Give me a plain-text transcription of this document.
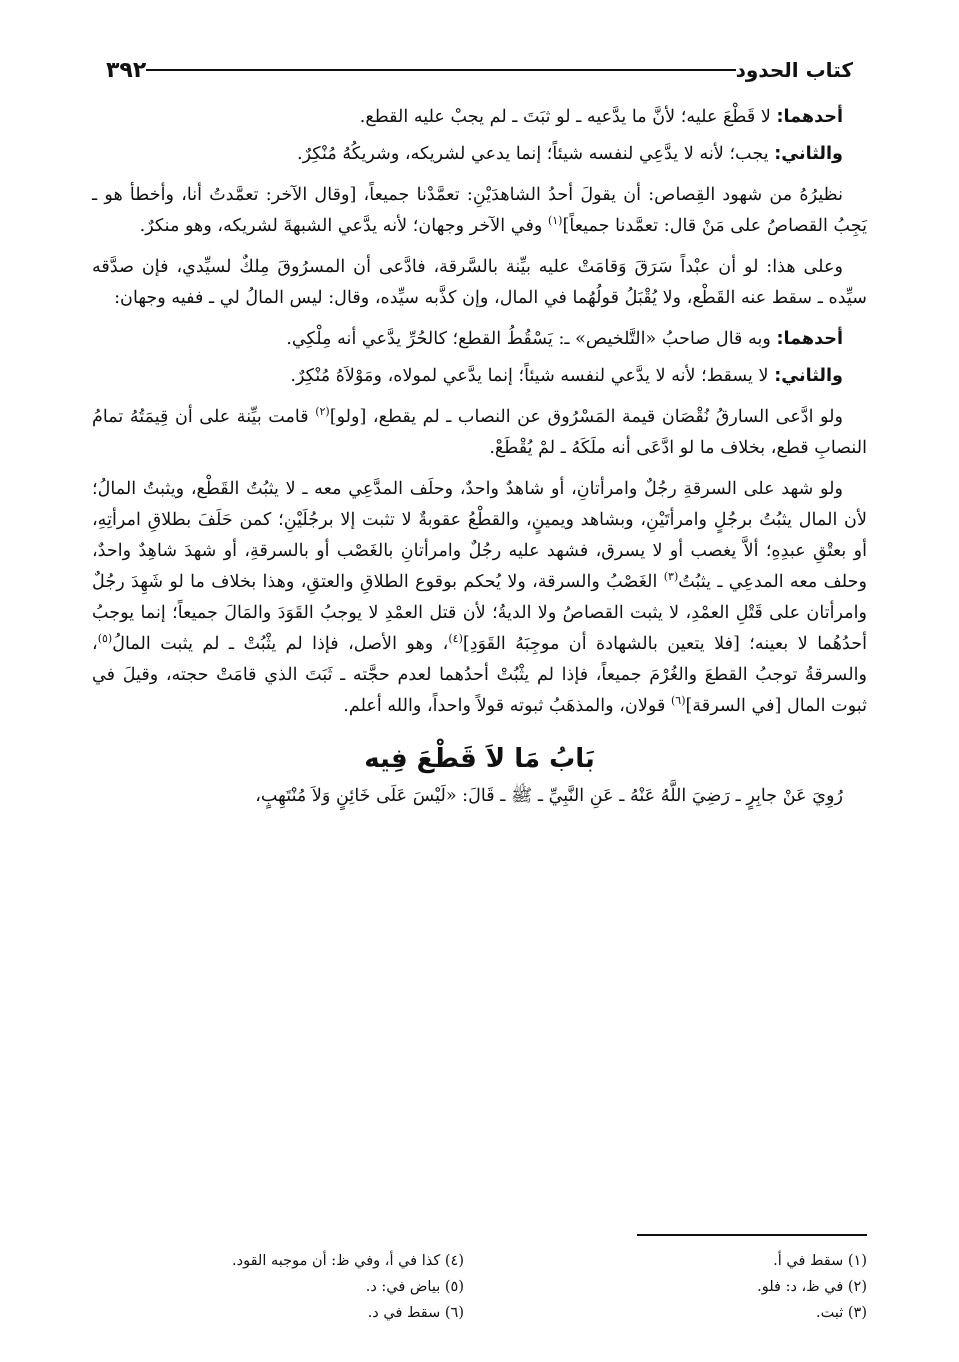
كتاب الحدود
٣٩٢

أحدهما: لا قَطْعَ عليه؛ لأنَّ ما يدَّعيه ـ لو ثبَتَ ـ لم يجبْ عليه القطع.

والثاني: يجب؛ لأنه لا يدَّعِي لنفسه شيئاً؛ إنما يدعي لشريكه، وشريكُهُ مُنْكِرٌ.

نظيرُهُ من شهود القِصاص: أن يقولَ أحدُ الشاهدَيْنِ: تعمَّدْنا جميعاً، [وقال الآخر: تعمَّدتُ أنا، وأخطأ هو ـ يَجِبُ القصاصُ على مَنْ قال: تعمَّدنا جميعاً]$^{(١)}$ وفي الآخر وجهان؛ لأنه يدَّعي الشبهةَ لشريكه، وهو منكرٌ.

وعلى هذا: لو أن عبْداً سَرَقَ وَقامَتْ عليه بيِّنة بالسَّرقة، فادَّعى أن المسرُوقَ مِلكٌ لسيِّدي، فإن صدَّقه سيِّده ـ سقط عنه القَطْع، ولا يُقْبَلُ قولُهُما في المال، وإن كذَّبه سيِّده، وقال: ليس المالُ لي ـ ففيه وجهان:

أحدهما: وبه قال صاحبُ «التَّلخيص» ـ: يَسْقُطُ القطع؛ كالحُرِّ يدَّعي أنه مِلْكِي.

والثاني: لا يسقط؛ لأنه لا يدَّعي لنفسه شيئاً؛ إنما يدَّعي لمولاه، ومَوْلاَهُ مُنْكِرٌ.

ولو ادَّعى السارقُ نُقْصَان قيمة المَسْرُوق عن النصاب ـ لم يقطع، [ولو]$^{(٢)}$ قامت بيِّنة على أن قِيمَتُهُ تمامُ النصابِ قطع، بخلاف ما لو ادَّعَى أنه ملَكَهُ ـ لمْ يُقْطَعْ.

ولو شهد على السرقةِ رجُلٌ وامرأتانِ، أو شاهدٌ واحدٌ، وحلَف المدَّعِي معه ـ لا يثبُتُ القَطْع، ويثبتُ المالُ؛ لأن المال يثبُتُ برجُلٍ وامرأتَيْنِ، وبشاهد ويمينٍ، والقطْعُ عقوبةٌ لا تثبت إلا برجُلَيْنِ؛ كمن حَلَفَ بطلاقِ امرأتِهِ، أو بعتْقِ عبدِهِ؛ ألاَّ يغصب أو لا يسرق، فشهد عليه رجُلٌ وامرأتانِ بالغَصْب أو بالسرقةِ، أو شهدَ شاهِدٌ واحدٌ، وحلف معه المدعِي ـ يثبُتُ$^{(٣)}$ الغَصْبُ والسرقة، ولا يُحكم بوقوع الطلاقِ والعتقِ، وهذا بخلاف ما لو شَهِدَ رجُلٌ وامرأتان على قَتْلِ العمْدِ، لا يثبت القصاصُ ولا الديةُ؛ لأن قتل العمْدِ لا يوجبُ القَوَدَ والمَالَ جميعاً؛ إنما يوجبُ أحدُهُما لا بعينه؛ [فلا يتعين بالشهادة أن موجِبَهُ القَوَدِ]$^{(٤)}$، وهو الأصل، فإذا لم يثْبُتْ ـ لم يثبت المالُ$^{(٥)}$، والسرقةُ توجبُ القطعَ والغُرْمَ جميعاً، فإذا لم يثْبُتْ أحدُهما لعدم حجَّته ـ ثَبَتَ الذي قامَتْ حجته، وقيلَ في ثبوت المال [في السرقة]$^{(٦)}$ قولان، والمذهَبُ ثبوته قولاً واحداً، والله أعلم.

بَابُ مَا لاَ قَطْعَ فِيه

رُوِيَ عَنْ جابِرٍ ـ رَضِيَ اللَّهُ عَنْهُ ـ عَنِ النَّبِيِّ ـ ﷺ ـ قَالَ: «لَيْسَ عَلَى خَائِنٍ وَلاَ مُنْتَهِبٍ،

(١) سقط في أ.
(٢) في ظ، د: فلو.
(٣) ثبت.
(٤) كذا في أ، وفي ظ: أن موجبه القود.
(٥) بياض في: د.
(٦) سقط في د.
